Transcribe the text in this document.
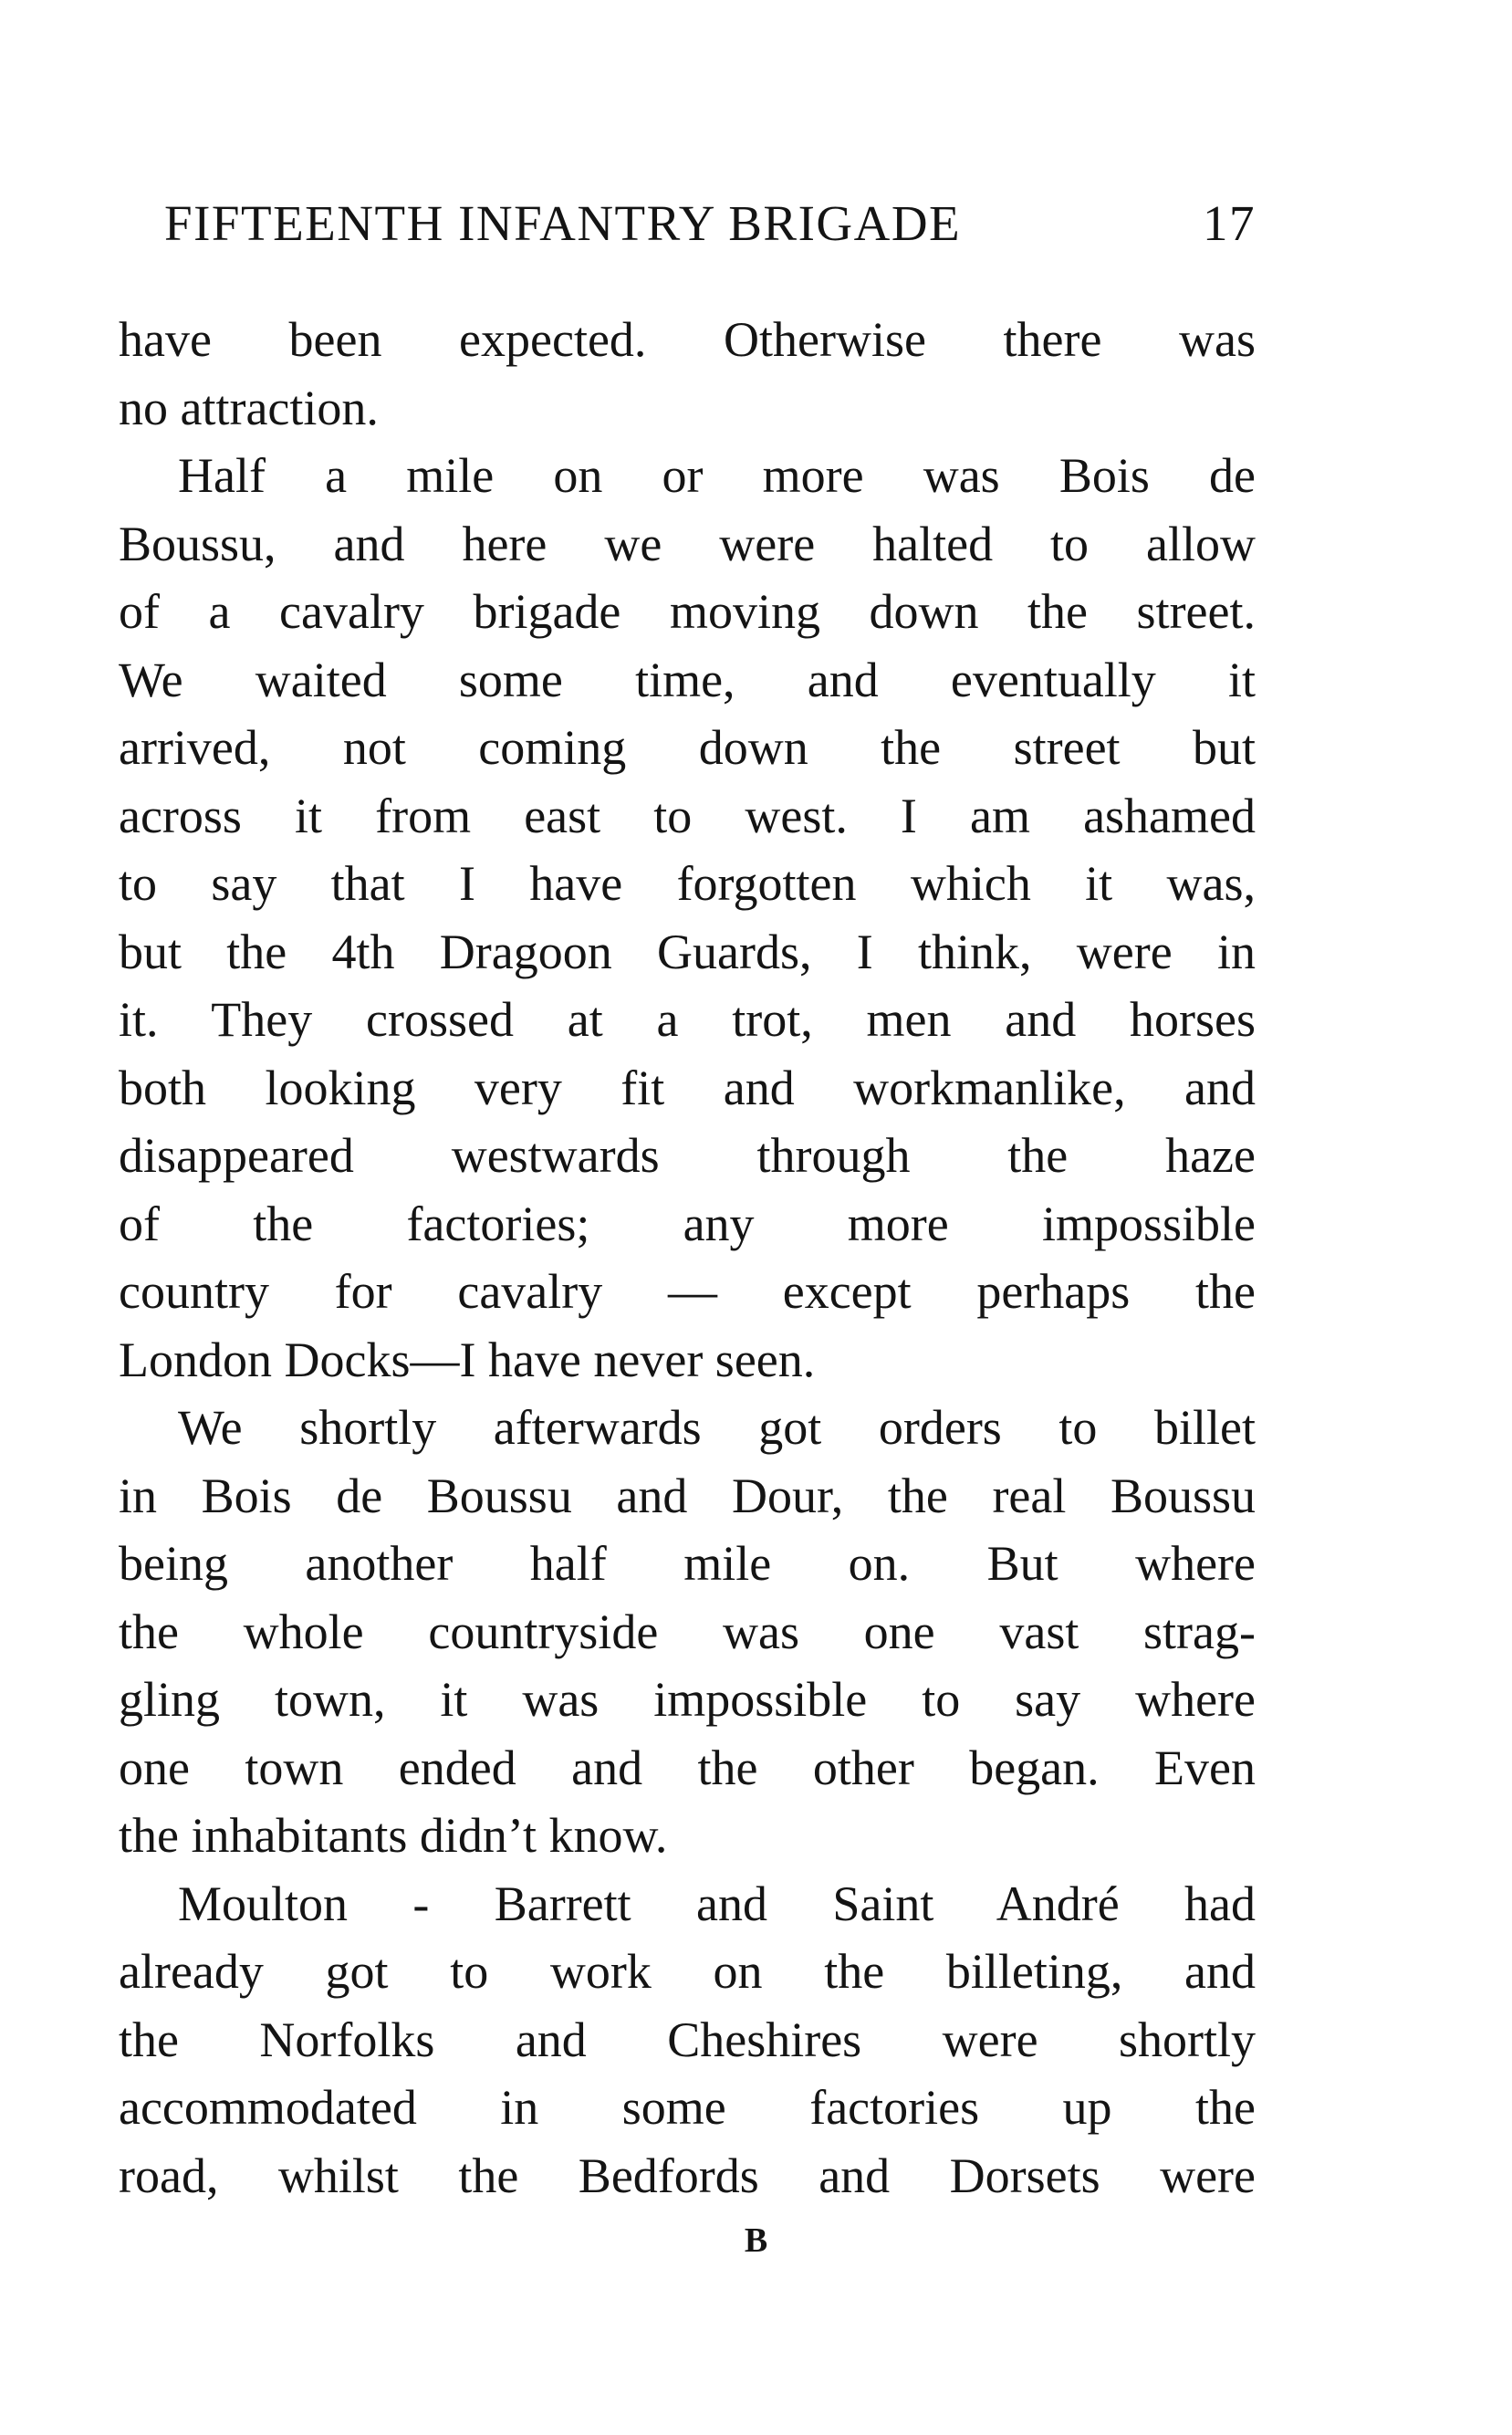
FIFTEENTH INFANTRY BRIGADE	17
have been expected. Otherwise there was
no attraction.
Half a mile on or more was Bois de
Boussu, and here we were halted to allow
of a cavalry brigade moving down the street.
We waited some time, and eventually it
arrived, not coming down the street but
across it from east to west. I am ashamed
to say that I have forgotten which it was,
but the 4th Dragoon Guards, I think, were in
it. They crossed at a trot, men and horses
both looking very fit and workmanlike, and
disappeared westwards through the haze
of the factories; any more impossible
country for cavalry — except perhaps the
London Docks—I have never seen.
We shortly afterwards got orders to billet
in Bois de Boussu and Dour, the real Boussu
being another half mile on. But where
the whole countryside was one vast strag-
gling town, it was impossible to say where
one town ended and the other began. Even
the inhabitants didn’t know.
Moulton - Barrett and Saint André had
already got to work on the billeting, and
the Norfolks and Cheshires were shortly
accommodated in some factories up the
road, whilst the Bedfords and Dorsets were
B
